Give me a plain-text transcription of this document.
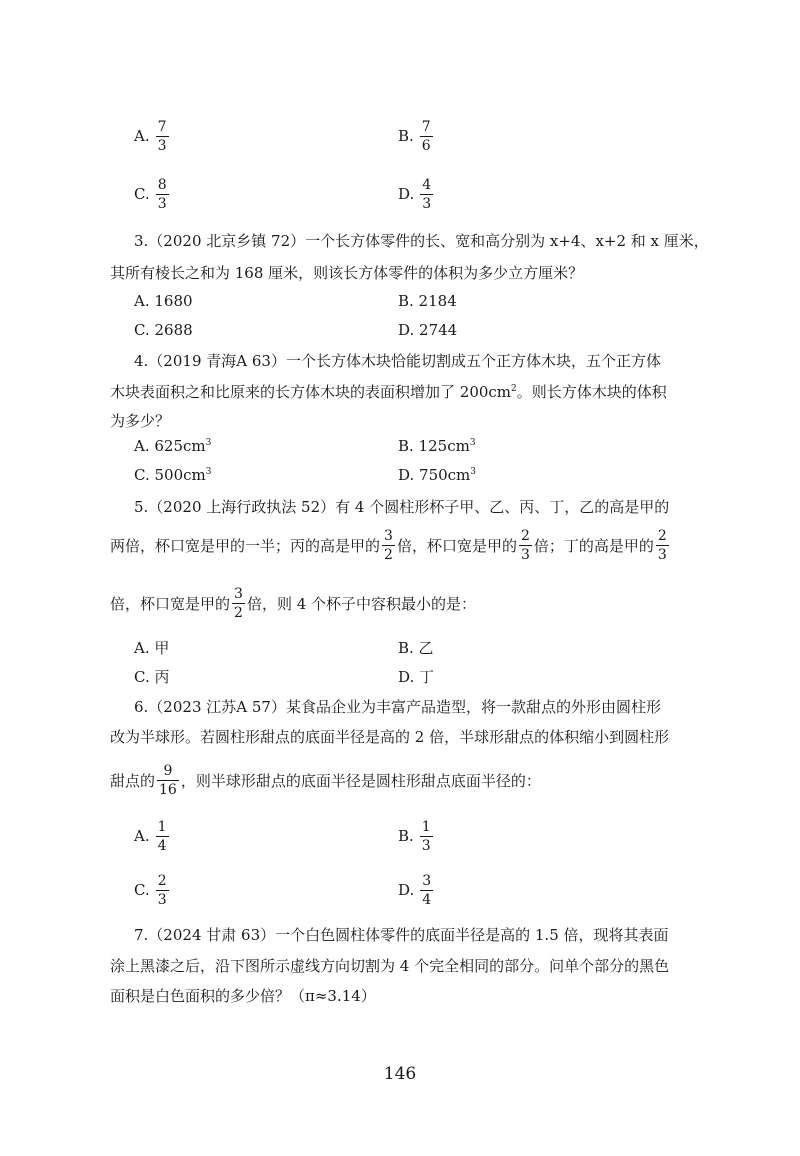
A. $\frac{7}{3}$	B. $\frac{7}{6}$
C. $\frac{8}{3}$	D. $\frac{4}{3}$
3.（2020 北京乡镇 72）一个长方体零件的长、宽和高分别为 x+4、x+2 和 x 厘米，
其所有棱长之和为 168 厘米，则该长方体零件的体积为多少立方厘米？
A. 1680	B. 2184
C. 2688	D. 2744
4.（2019 青海A 63）一个长方体木块恰能切割成五个正方体木块，五个正方体
木块表面积之和比原来的长方体木块的表面积增加了 $200cm^2$。则长方体木块的体积
为多少？
A. $625cm^3$	B. $125cm^3$
C. $500cm^3$	D. $750cm^3$
5.（2020 上海行政执法 52）有 4 个圆柱形杯子甲、乙、丙、丁，乙的高是甲的
两倍，杯口宽是甲的一半；丙的高是甲的 $\frac{3}{2}$ 倍，杯口宽是甲的 $\frac{2}{3}$ 倍；丁的高是甲的 $\frac{2}{3}$
倍，杯口宽是甲的 $\frac{3}{2}$ 倍，则 4 个杯子中容积最小的是：
A. 甲	B. 乙
C. 丙	D. 丁
6.（2023 江苏A 57）某食品企业为丰富产品造型，将一款甜点的外形由圆柱形
改为半球形。若圆柱形甜点的底面半径是高的 2 倍，半球形甜点的体积缩小到圆柱形
甜点的 $\frac{9}{16}$ ，则半球形甜点的底面半径是圆柱形甜点底面半径的：
A. $\frac{1}{4}$	B. $\frac{1}{3}$
C. $\frac{2}{3}$	D. $\frac{3}{4}$
7.（2024 甘肃 63）一个白色圆柱体零件的底面半径是高的 1.5 倍，现将其表面
涂上黑漆之后，沿下图所示虚线方向切割为 4 个完全相同的部分。问单个部分的黑色
面积是白色面积的多少倍？（π≈3.14）
146
